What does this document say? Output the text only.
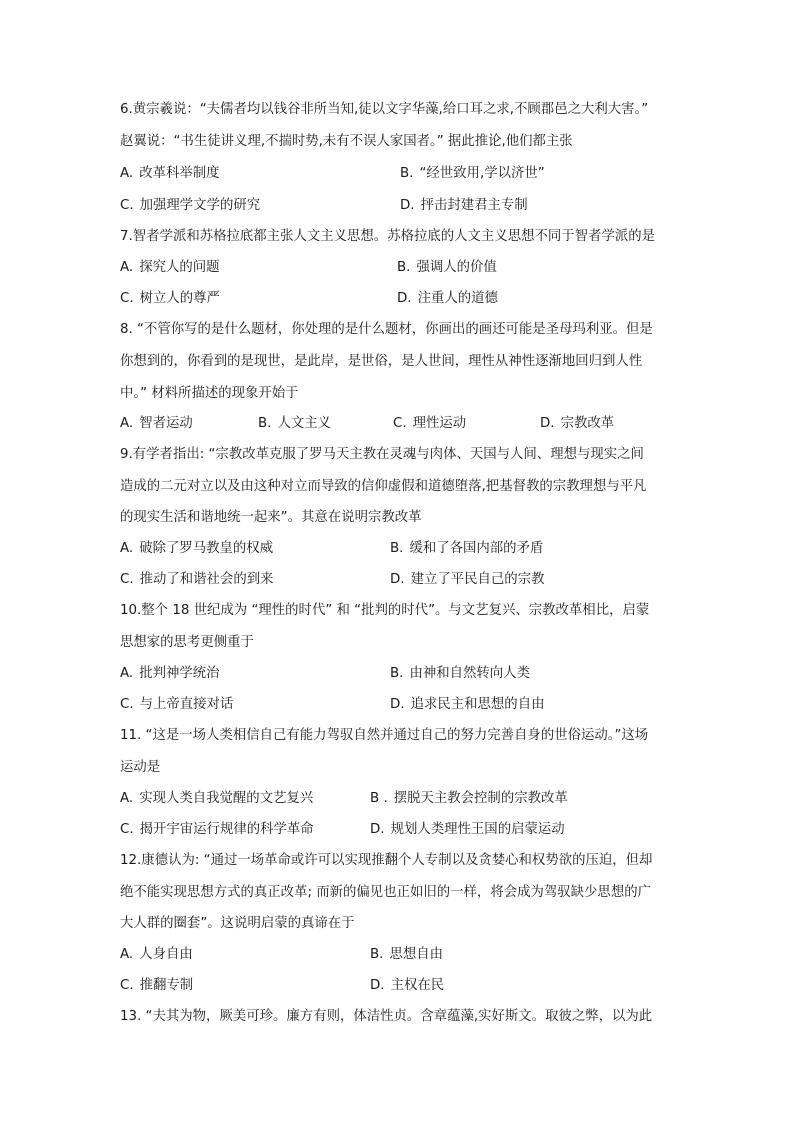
6.黄宗羲说：“夫儒者均以钱谷非所当知,徒以文字华藻,给口耳之求,不顾郡邑之大利大害。”
赵翼说：“书生徒讲义理,不揣时势,未有不误人家国者。” 据此推论,他们都主张
A. 改革科举制度	B. “经世致用,学以济世”
C. 加强理学文学的研究	D. 抨击封建君主专制
7.智者学派和苏格拉底都主张人文主义思想。苏格拉底的人文主义思想不同于智者学派的是
A. 探究人的问题	B. 强调人的价值
C. 树立人的尊严	D. 注重人的道德
8. “不管你写的是什么题材，你处理的是什么题材，你画出的画还可能是圣母玛利亚。但是
你想到的，你看到的是现世，是此岸，是世俗，是人世间，理性从神性逐渐地回归到人性
中。” 材料所描述的现象开始于
A. 智者运动	B. 人文主义	C. 理性运动	D. 宗教改革
9.有学者指出: “宗教改革克服了罗马天主教在灵魂与肉体、天国与人间、理想与现实之间
造成的二元对立以及由这种对立而导致的信仰虚假和道德堕落,把基督教的宗教理想与平凡
的现实生活和谐地统一起来”。其意在说明宗教改革
A. 破除了罗马教皇的权威	B. 缓和了各国内部的矛盾
C. 推动了和谐社会的到来	D. 建立了平民自己的宗教
10.整个 18 世纪成为 “理性的时代” 和 “批判的时代”。与文艺复兴、宗教改革相比，启蒙
思想家的思考更侧重于
A. 批判神学统治	B. 由神和自然转向人类
C. 与上帝直接对话	D. 追求民主和思想的自由
11. “这是一场人类相信自己有能力驾驭自然并通过自己的努力完善自身的世俗运动。”这场
运动是
A. 实现人类自我觉醒的文艺复兴	B . 摆脱天主教会控制的宗教改革
C. 揭开宇宙运行规律的科学革命	D. 规划人类理性王国的启蒙运动
12.康德认为: “通过一场革命或许可以实现推翻个人专制以及贪婪心和权势欲的压迫，但却
绝不能实现思想方式的真正改革; 而新的偏见也正如旧的一样，将会成为驾驭缺少思想的广
大人群的圈套”。这说明启蒙的真谛在于
A. 人身自由	B. 思想自由
C. 推翻专制	D. 主权在民
13. “夫其为物，厥美可珍。廉方有则，体洁性贞。含章蕴藻,实好斯文。取彼之弊，以为此
